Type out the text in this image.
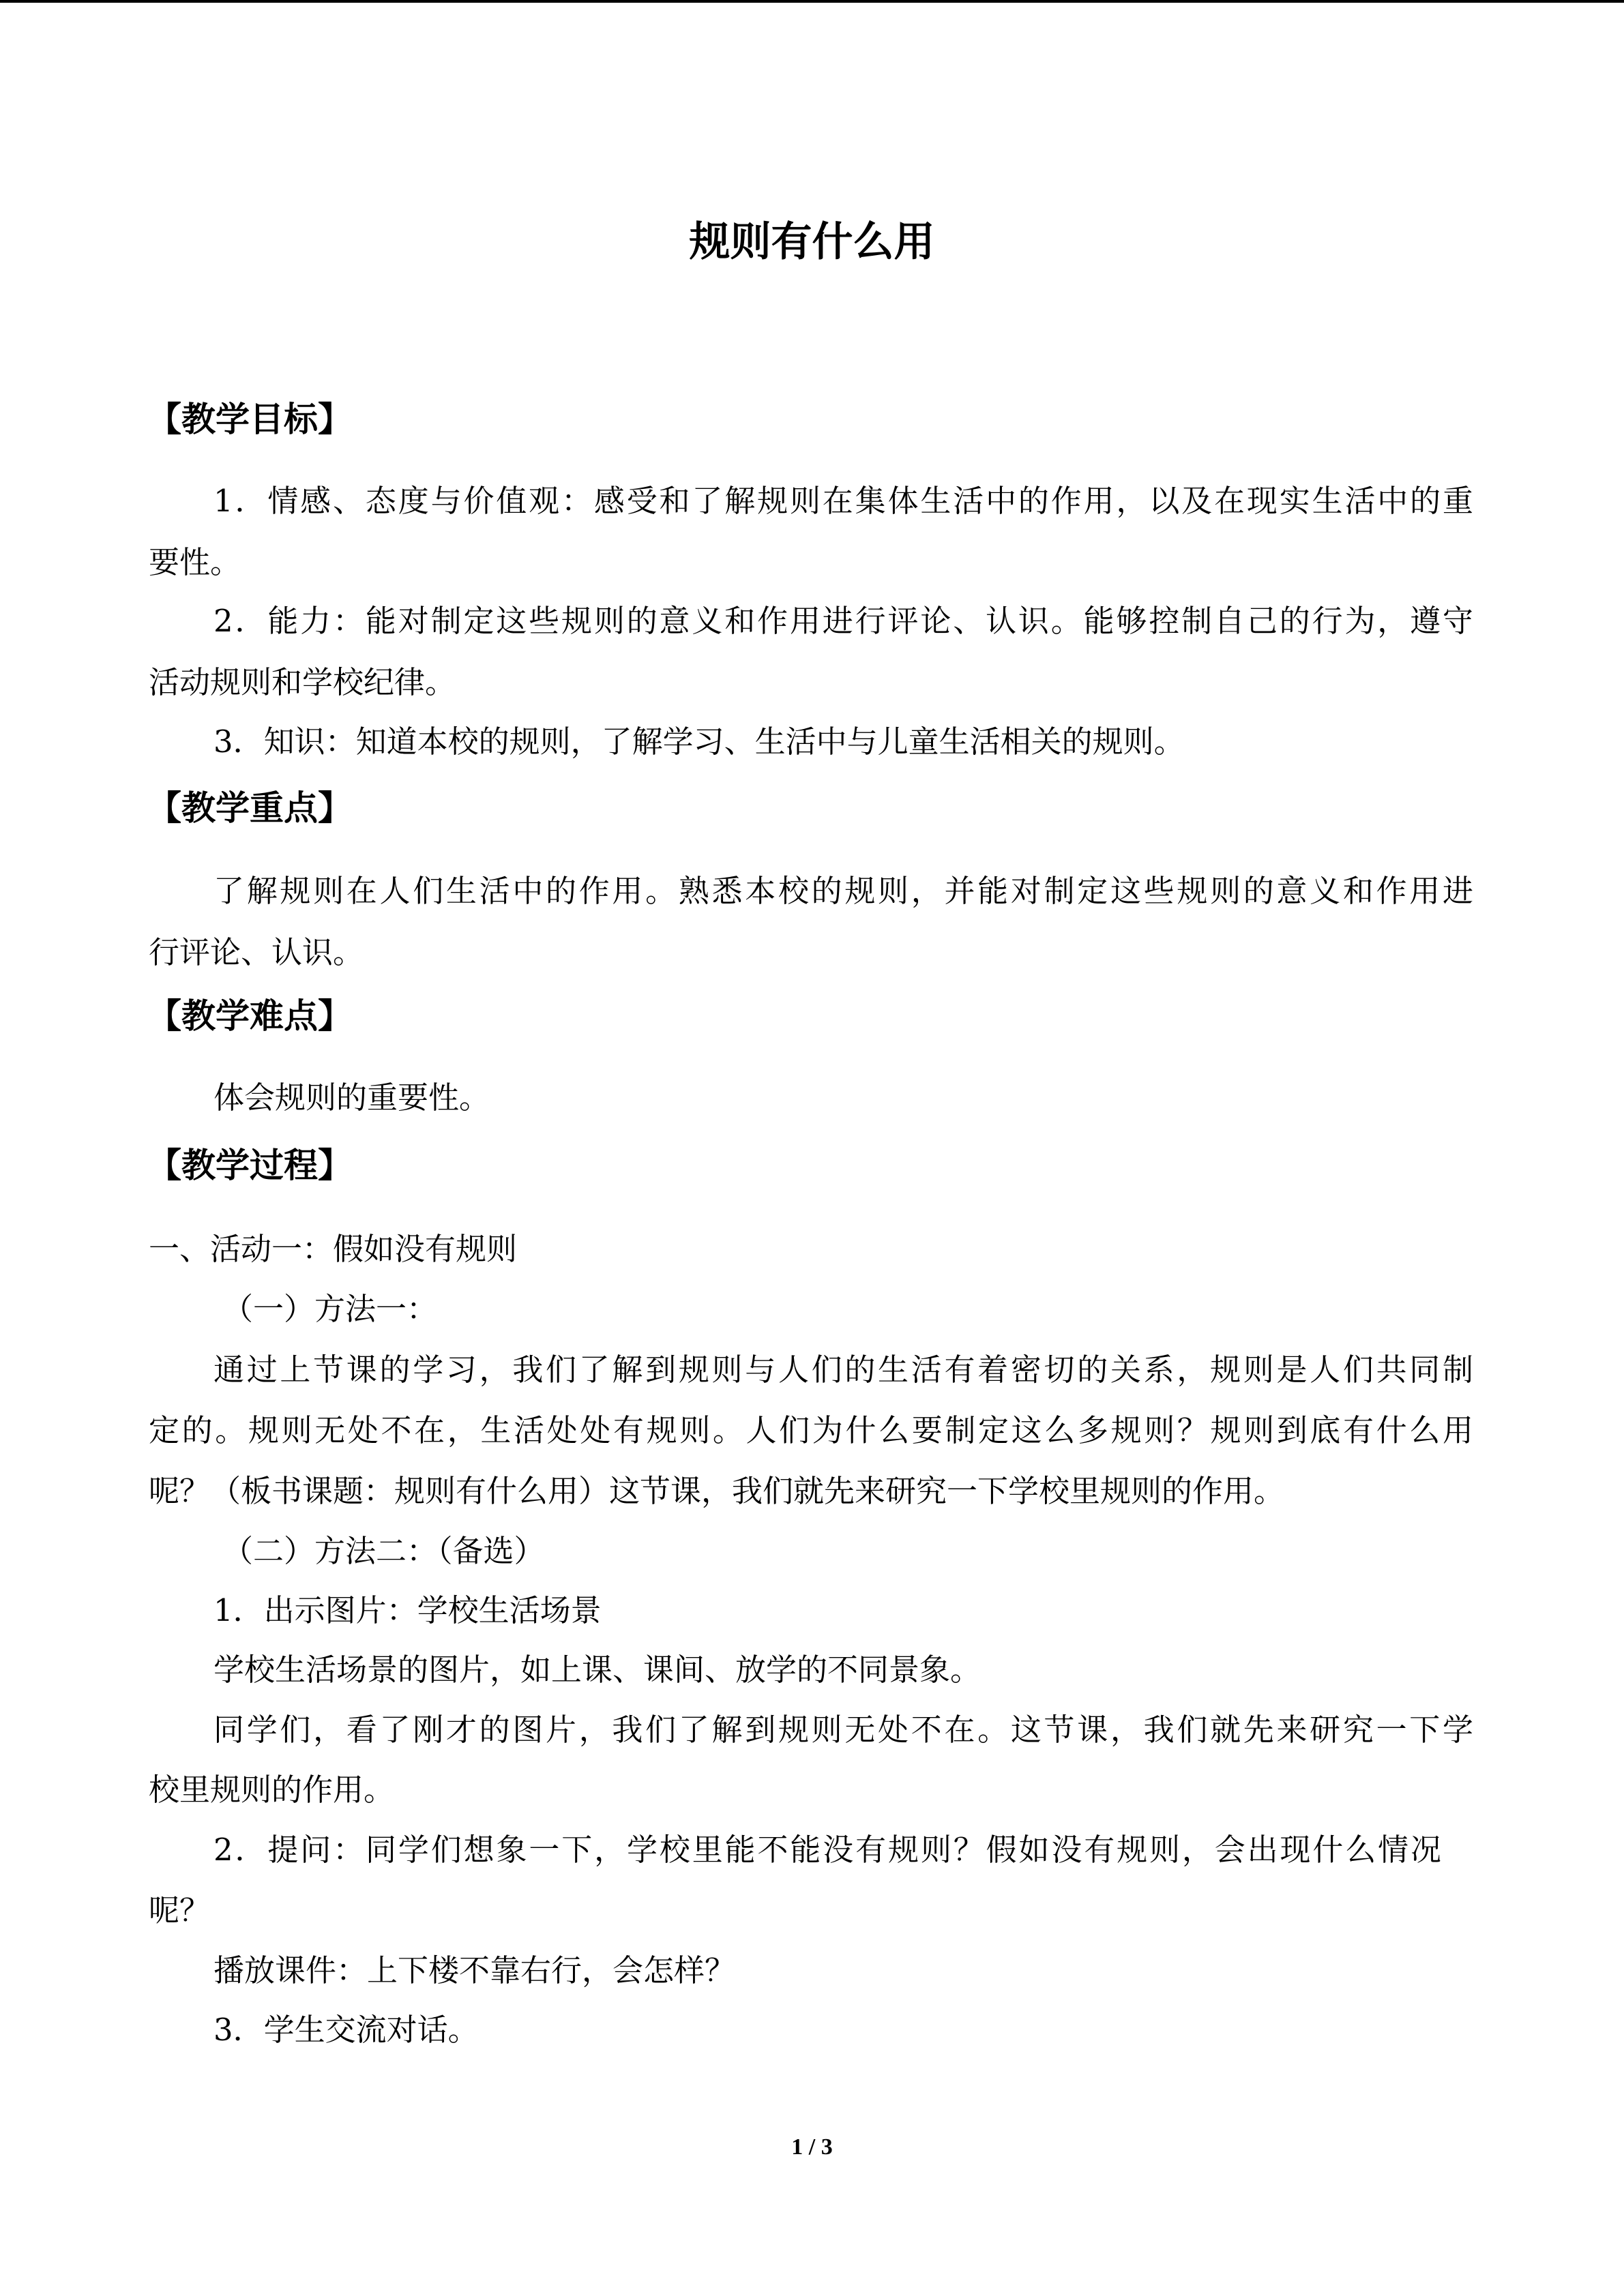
规则有什么用
【教学目标】
1．情感、态度与价值观：感受和了解规则在集体生活中的作用，以及在现实生活中的重
要性。
2．能力：能对制定这些规则的意义和作用进行评论、认识。能够控制自己的行为，遵守
活动规则和学校纪律。
3．知识：知道本校的规则，了解学习、生活中与儿童生活相关的规则。
【教学重点】
了解规则在人们生活中的作用。熟悉本校的规则，并能对制定这些规则的意义和作用进
行评论、认识。
【教学难点】
体会规则的重要性。
【教学过程】
一、活动一：假如没有规则
（一）方法一：
通过上节课的学习，我们了解到规则与人们的生活有着密切的关系，规则是人们共同制
定的。规则无处不在，生活处处有规则。人们为什么要制定这么多规则？规则到底有什么用
呢？（板书课题：规则有什么用）这节课，我们就先来研究一下学校里规则的作用。
（二）方法二：（备选）
1．出示图片：学校生活场景
学校生活场景的图片，如上课、课间、放学的不同景象。
同学们，看了刚才的图片，我们了解到规则无处不在。这节课，我们就先来研究一下学
校里规则的作用。
2．提问：同学们想象一下，学校里能不能没有规则？假如没有规则，会出现什么情况
呢？
播放课件：上下楼不靠右行，会怎样？
3．学生交流对话。
1 / 3
